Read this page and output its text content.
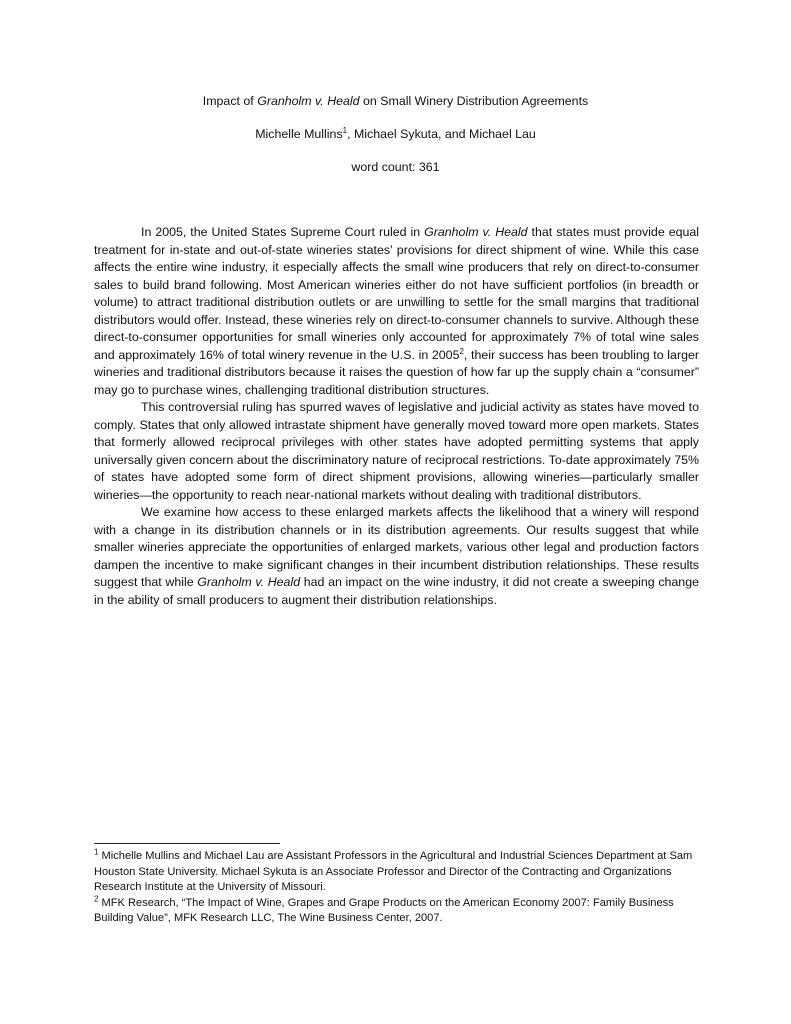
Impact of Granholm v. Heald on Small Winery Distribution Agreements
Michelle Mullins$^1$, Michael Sykuta, and Michael Lau
word count: 361

In 2005, the United States Supreme Court ruled in Granholm v. Heald that states must provide equal treatment for in-state and out-of-state wineries states’ provisions for direct shipment of wine. While this case affects the entire wine industry, it especially affects the small wine producers that rely on direct-to-consumer sales to build brand following. Most American wineries either do not have sufficient portfolios (in breadth or volume) to attract traditional distribution outlets or are unwilling to settle for the small margins that traditional distributors would offer. Instead, these wineries rely on direct-to-consumer channels to survive. Although these direct-to-consumer opportunities for small wineries only accounted for approximately 7% of total wine sales and approximately 16% of total winery revenue in the U.S. in 2005$^2$, their success has been troubling to larger wineries and traditional distributors because it raises the question of how far up the supply chain a “consumer” may go to purchase wines, challenging traditional distribution structures.

This controversial ruling has spurred waves of legislative and judicial activity as states have moved to comply. States that only allowed intrastate shipment have generally moved toward more open markets. States that formerly allowed reciprocal privileges with other states have adopted permitting systems that apply universally given concern about the discriminatory nature of reciprocal restrictions. To-date approximately 75% of states have adopted some form of direct shipment provisions, allowing wineries—particularly smaller wineries—the opportunity to reach near-national markets without dealing with traditional distributors.

We examine how access to these enlarged markets affects the likelihood that a winery will respond with a change in its distribution channels or in its distribution agreements. Our results suggest that while smaller wineries appreciate the opportunities of enlarged markets, various other legal and production factors dampen the incentive to make significant changes in their incumbent distribution relationships. These results suggest that while Granholm v. Heald had an impact on the wine industry, it did not create a sweeping change in the ability of small producers to augment their distribution relationships.

$^1$ Michelle Mullins and Michael Lau are Assistant Professors in the Agricultural and Industrial Sciences Department at Sam Houston State University. Michael Sykuta is an Associate Professor and Director of the Contracting and Organizations Research Institute at the University of Missouri.

$^2$ MFK Research, “The Impact of Wine, Grapes and Grape Products on the American Economy 2007: Family Business Building Value”, MFK Research LLC, The Wine Business Center, 2007.
